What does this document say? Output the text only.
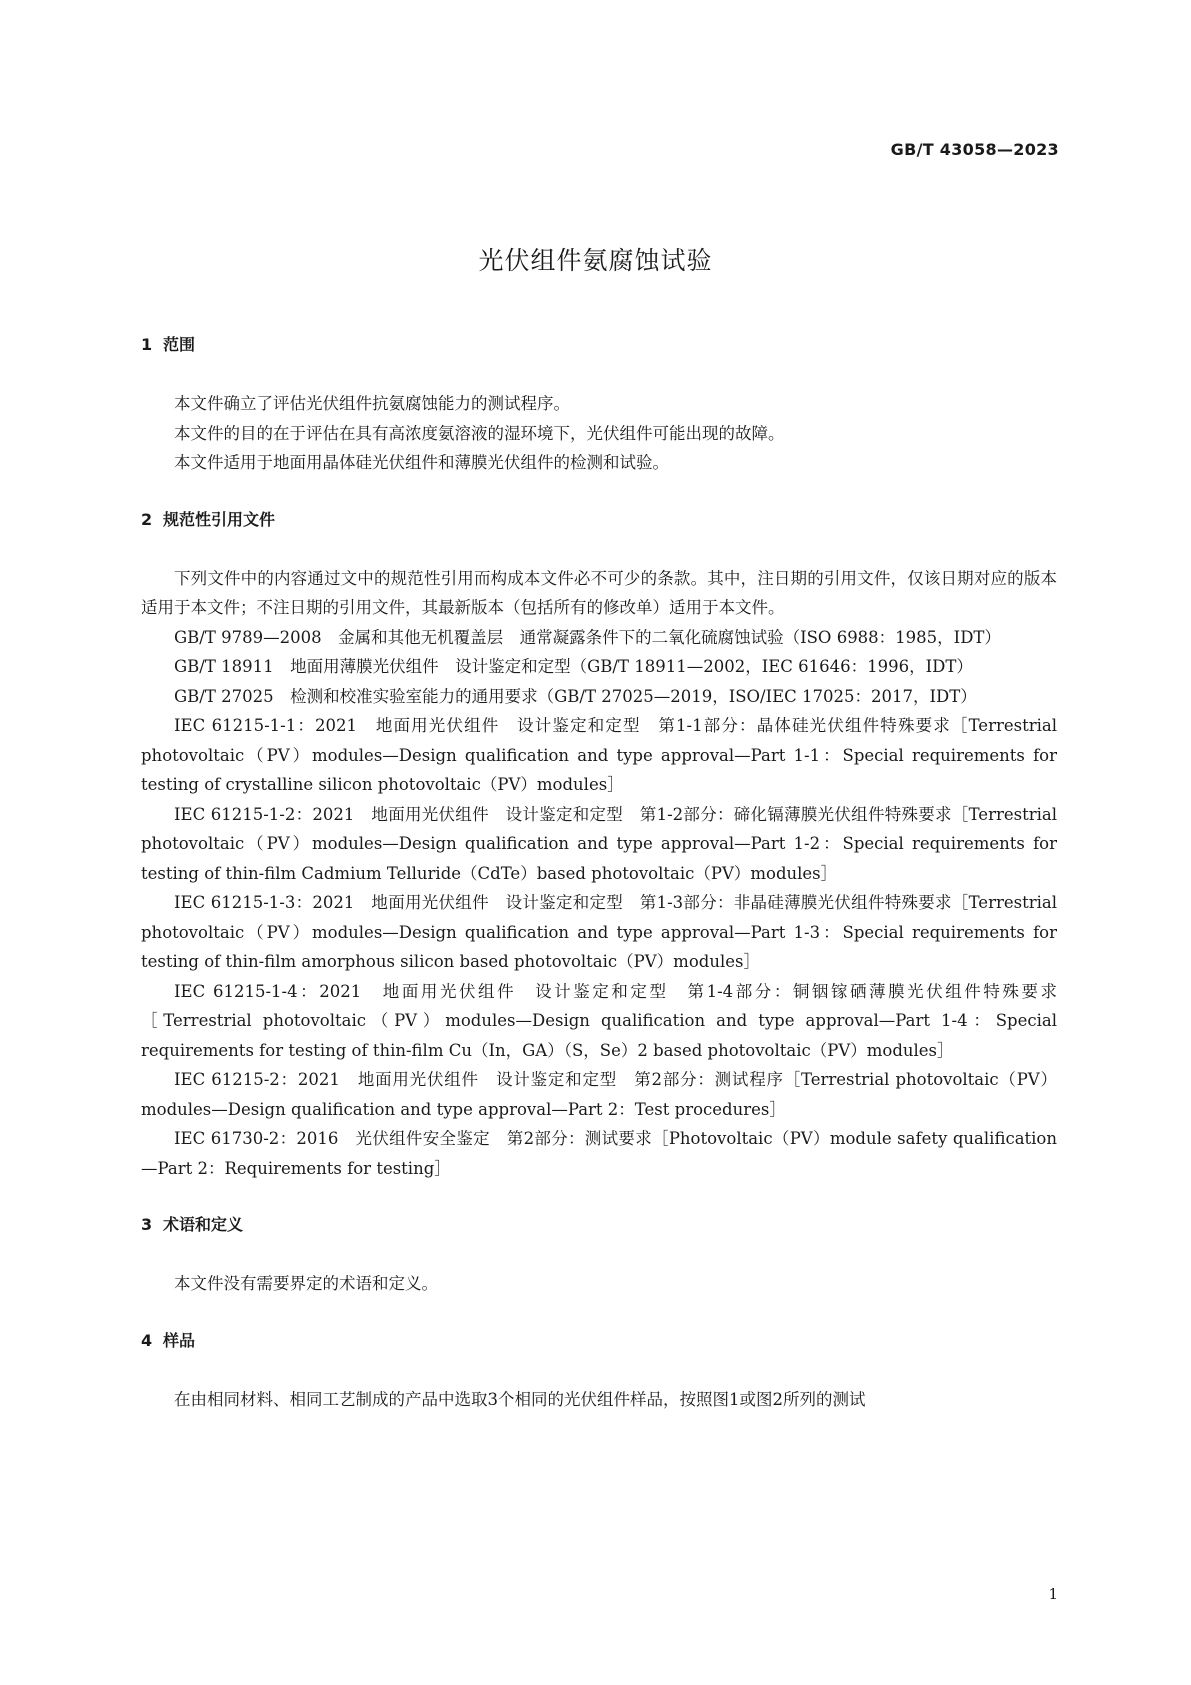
GB/T 43058—2023
光伏组件氨腐蚀试验
1 范围

本文件确立了评估光伏组件抗氨腐蚀能力的测试程序。

本文件的目的在于评估在具有高浓度氨溶液的湿环境下，光伏组件可能出现的故障。

本文件适用于地面用晶体硅光伏组件和薄膜光伏组件的检测和试验。

2 规范性引用文件

下列文件中的内容通过文中的规范性引用而构成本文件必不可少的条款。其中，注日期的引用文件，仅该日期对应的版本适用于本文件；不注日期的引用文件，其最新版本（包括所有的修改单）适用于本文件。

GB/T 9789—2008　金属和其他无机覆盖层　通常凝露条件下的二氧化硫腐蚀试验（ISO 6988：1985，IDT）

GB/T 18911　地面用薄膜光伏组件　设计鉴定和定型（GB/T 18911—2002，IEC 61646：1996，IDT）

GB/T 27025　检测和校准实验室能力的通用要求（GB/T 27025—2019，ISO/IEC 17025：2017，IDT）

IEC 61215-1-1：2021　地面用光伏组件　设计鉴定和定型　第1-1部分：晶体硅光伏组件特殊要求［Terrestrial photovoltaic（PV）modules—Design qualification and type approval—Part 1-1：Special requirements for testing of crystalline silicon photovoltaic（PV）modules］

IEC 61215-1-2：2021　地面用光伏组件　设计鉴定和定型　第1-2部分：碲化镉薄膜光伏组件特殊要求［Terrestrial photovoltaic（PV）modules—Design qualification and type approval—Part 1-2：Special requirements for testing of thin-film Cadmium Telluride（CdTe）based photovoltaic（PV）modules］

IEC 61215-1-3：2021　地面用光伏组件　设计鉴定和定型　第1-3部分：非晶硅薄膜光伏组件特殊要求［Terrestrial photovoltaic（PV）modules—Design qualification and type approval—Part 1-3：Special requirements for testing of thin-film amorphous silicon based photovoltaic（PV）modules］

IEC 61215-1-4：2021　地面用光伏组件　设计鉴定和定型　第1-4部分：铜铟镓硒薄膜光伏组件特殊要求［Terrestrial photovoltaic（PV）modules—Design qualification and type approval—Part 1-4：Special requirements for testing of thin-film Cu（In，GA）（S，Se）2 based photovoltaic（PV）modules］

IEC 61215-2：2021　地面用光伏组件　设计鉴定和定型　第2部分：测试程序［Terrestrial photovoltaic（PV）modules—Design qualification and type approval—Part 2：Test procedures］

IEC 61730-2：2016　光伏组件安全鉴定　第2部分：测试要求［Photovoltaic（PV）module safety qualification—Part 2：Requirements for testing］

3 术语和定义

本文件没有需要界定的术语和定义。

4 样品

在由相同材料、相同工艺制成的产品中选取3个相同的光伏组件样品，按照图1或图2所列的测试

1
